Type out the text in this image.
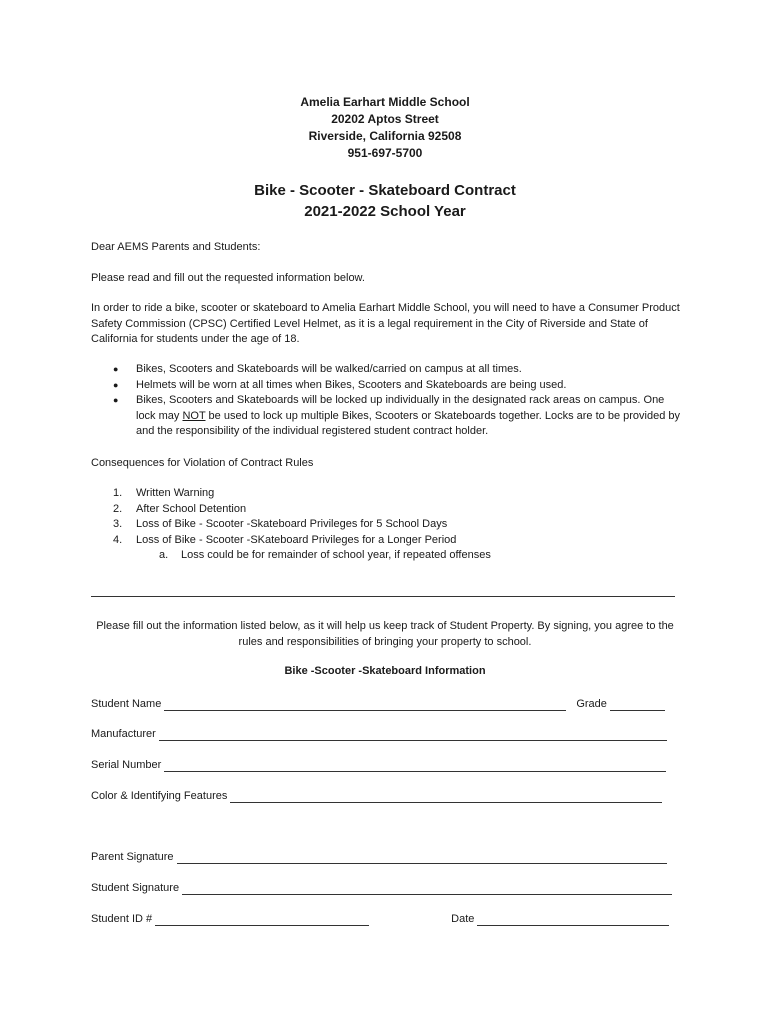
Amelia Earhart Middle School
20202 Aptos Street
Riverside, California 92508
951-697-5700
Bike - Scooter - Skateboard Contract
2021-2022 School Year

Dear AEMS Parents and Students:

Please read and fill out the requested information below.

In order to ride a bike, scooter or skateboard to Amelia Earhart Middle School, you will need to have a Consumer Product Safety Commission (CPSC) Certified Level Helmet, as it is a legal requirement in the City of Riverside and State of California for students under the age of 18.

● Bikes, Scooters and Skateboards will be walked/carried on campus at all times.
● Helmets will be worn at all times when Bikes, Scooters and Skateboards are being used.
● Bikes, Scooters and Skateboards will be locked up individually in the designated rack areas on campus. One lock may NOT be used to lock up multiple Bikes, Scooters or Skateboards together. Locks are to be provided by and the responsibility of the individual registered student contract holder.

Consequences for Violation of Contract Rules

1. Written Warning
2. After School Detention
3. Loss of Bike - Scooter -Skateboard Privileges for 5 School Days
4. Loss of Bike - Scooter -SKateboard Privileges for a Longer Period
a. Loss could be for remainder of school year, if repeated offenses
Please fill out the information listed below, as it will help us keep track of Student Property. By signing, you agree to the rules and responsibilities of bringing your property to school.
Bike -Scooter -Skateboard Information
Student Name	Grade
Manufacturer
Serial Number
Color & Identifying Features
Parent Signature
Student Signature
Student ID #	Date
